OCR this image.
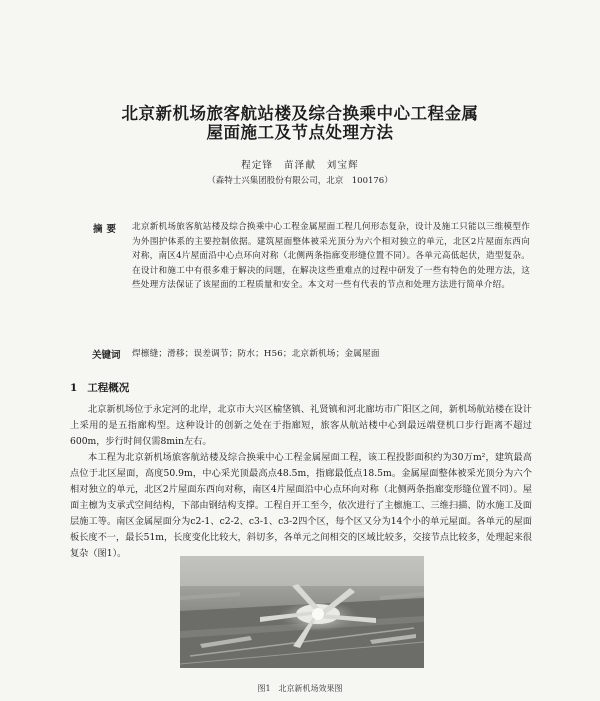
北京新机场旅客航站楼及综合换乘中心工程金属
屋面施工及节点处理方法
程定锋　苗泽献　刘宝辉
（森特士兴集团股份有限公司，北京　100176）
摘要 北京新机场旅客航站楼及综合换乘中心工程金属屋面工程几何形态复杂，设计及施工只能以三维模型作为外围护体系的主要控制依据。建筑屋面整体被采光顶分为六个相对独立的单元，北区2片屋面东西向对称，南区4片屋面沿中心点环向对称（北侧两条指廊变形缝位置不同）。各单元高低起伏，造型复杂。在设计和施工中有很多难于解决的问题，在解决这些重难点的过程中研发了一些有特色的处理方法，这些处理方法保证了该屋面的工程质量和安全。本文对一些有代表的节点和处理方法进行简单介绍。
关键词 焊檩缝；滑移；误差调节；防水；H56；北京新机场；金属屋面
1 工程概况
北京新机场位于永定河的北岸，北京市大兴区榆垡镇、礼贤镇和河北廊坊市广阳区之间，新机场航站楼在设计上采用的是五指廊构型。这种设计的创新之处在于指廊短，旅客从航站楼中心到最远端登机口步行距离不超过600m，步行时间仅需8min左右。
本工程为北京新机场旅客航站楼及综合换乘中心工程金属屋面工程，该工程投影面积约为30万m²，建筑最高点位于北区屋面，高度50.9m，中心采光顶最高点48.5m，指廊最低点18.5m。金属屋面整体被采光顶分为六个相对独立的单元，北区2片屋面东西向对称，南区4片屋面沿中心点环向对称（北侧两条指廊变形缝位置不同）。屋面主檩为支承式空间结构，下部由钢结构支撑。工程自开工至今，依次进行了主檩施工、三维扫描、防水施工及面层施工等。南区金属屋面分为c2-1、c2-2、c3-1、c3-2四个区，每个区又分为14个小的单元屋面。各单元的屋面板长度不一，最长51m，长度变化比较大，斜切多，各单元之间相交的区域比较多，交接节点比较多，处理起来很复杂（图1）。
图1 北京新机场效果图
